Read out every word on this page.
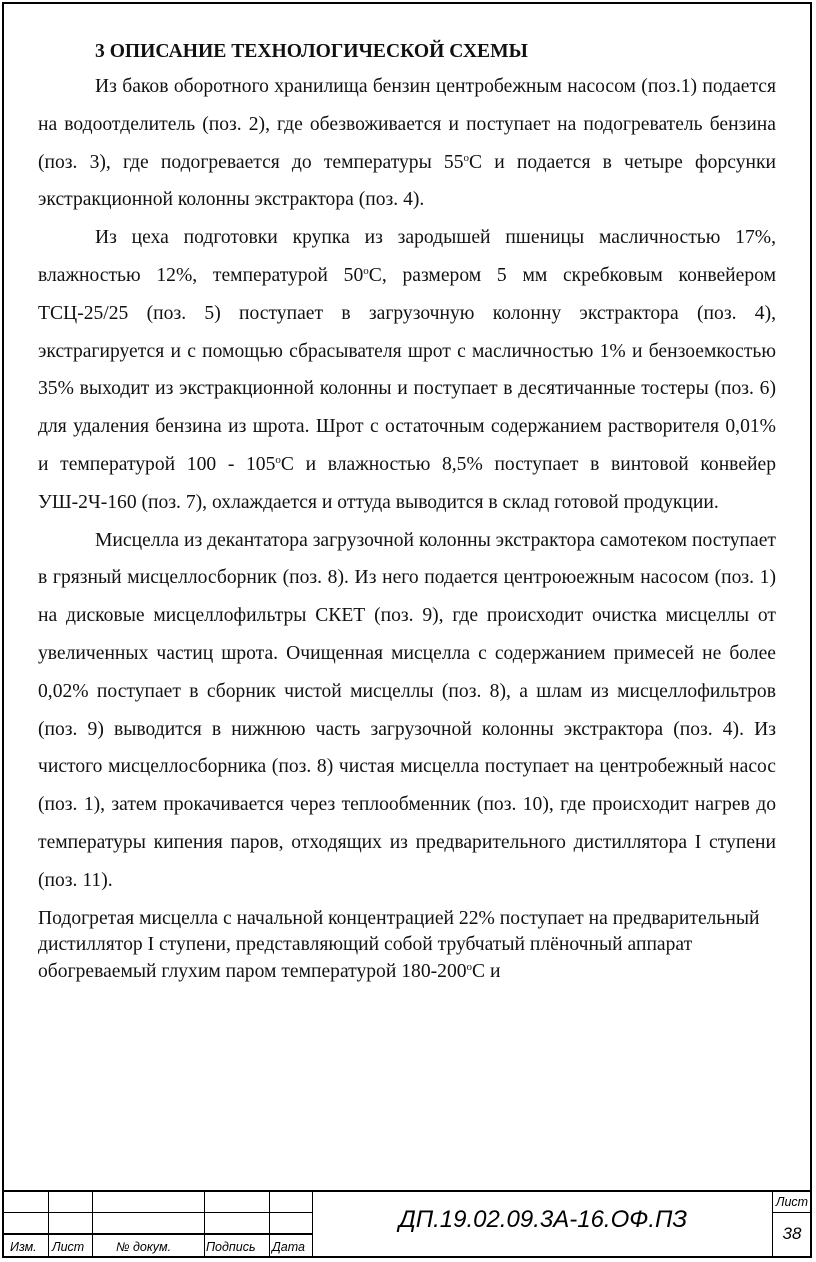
3 ОПИСАНИЕ ТЕХНОЛОГИЧЕСКОЙ СХЕМЫ

Из баков оборотного хранилища бензин центробежным насосом (поз.1) подается на водоотделитель (поз. 2), где обезвоживается и поступает на подогреватель бензина (поз. 3), где подогревается до температуры $55^оС$ и подается в четыре форсунки экстракционной колонны экстрактора (поз. 4).

Из цеха подготовки крупка из зародышей пшеницы масличностью 17%, влажностью 12%, температурой $50^оС$, размером 5 мм скребковым конвейером ТСЦ-25/25 (поз. 5) поступает в загрузочную колонну экстрактора (поз. 4), экстрагируется и с помощью сбрасывателя шрот с масличностью 1% и бензоемкостью 35% выходит из экстракционной колонны и поступает в десятичанные тостеры (поз. 6) для удаления бензина из шрота. Шрот с остаточным содержанием растворителя 0,01% и температурой $100 - 105^оС$ и влажностью 8,5% поступает в винтовой конвейер УШ-2Ч-160 (поз. 7), охлаждается и оттуда выводится в склад готовой продукции.

Мисцелла из декантатора загрузочной колонны экстрактора самотеком поступает в грязный мисцеллосборник (поз. 8). Из него подается центроюежным насосом (поз. 1) на дисковые мисцеллофильтры СКЕТ (поз. 9), где происходит очистка мисцеллы от увеличенных частиц шрота. Очищенная мисцелла с содержанием примесей не более 0,02% поступает в сборник чистой мисцеллы (поз. 8), а шлам из мисцеллофильтров (поз. 9) выводится в нижнюю часть загрузочной колонны экстрактора (поз. 4). Из чистого мисцеллосборника (поз. 8) чистая мисцелла поступает на центробежный насос (поз. 1), затем прокачивается через теплообменник (поз. 10), где происходит нагрев до температуры кипения паров, отходящих из предварительного дистиллятора I ступени (поз. 11).

Подогретая мисцелла с начальной концентрацией 22% поступает на предварительный дистиллятор I ступени, представляющий собой трубчатый плёночный аппарат обогреваемый глухим паром температурой $180-200^оС$ и

Изм. Лист	№ докум.	Подпись Дата
ДП.19.02.09.3А-16.ОФ.ПЗ
Лист
38
